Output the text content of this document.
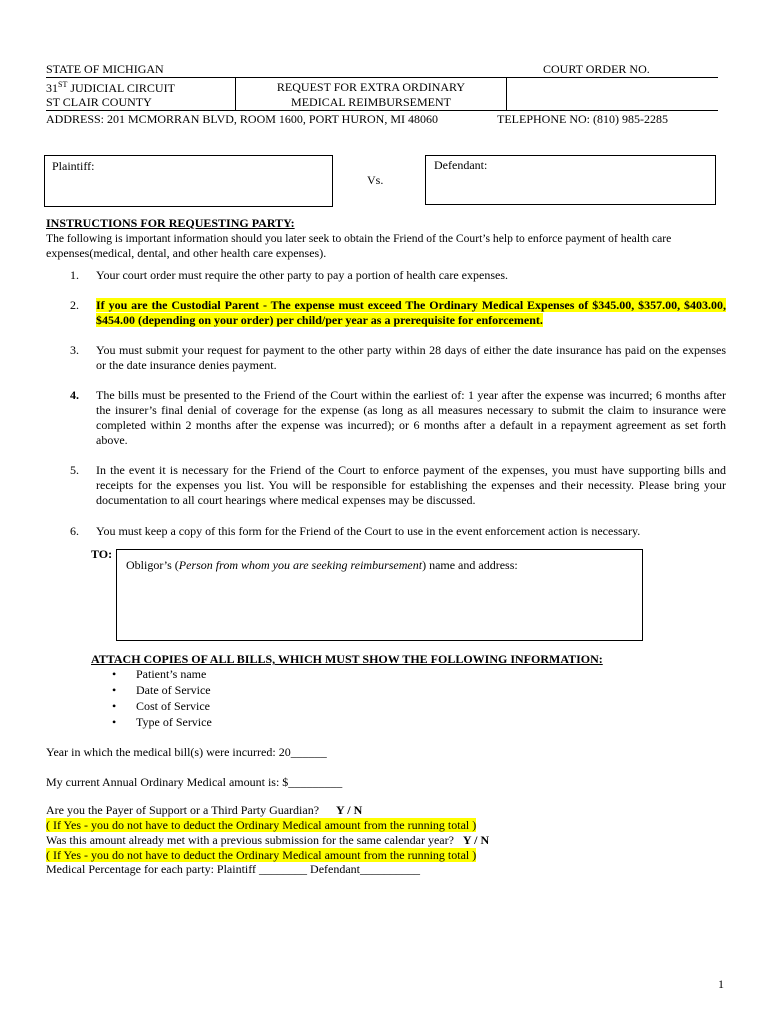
STATE OF MICHIGAN	COURT ORDER NO.
31ST JUDICIAL CIRCUIT
ST CLAIR COUNTY
REQUEST FOR EXTRA ORDINARY
MEDICAL REIMBURSEMENT
ADDRESS: 201 MCMORRAN BLVD, ROOM 1600, PORT HURON, MI 48060	TELEPHONE NO: (810) 985-2285
Plaintiff:
Vs.
Defendant:
INSTRUCTIONS FOR REQUESTING PARTY:
The following is important information should you later seek to obtain the Friend of the Court’s help to enforce payment of health care
expenses(medical, dental, and other health care expenses).
1. Your court order must require the other party to pay a portion of health care expenses.
2. If you are the Custodial Parent - The expense must exceed The Ordinary Medical Expenses of $345.00, $357.00, $403.00, $454.00 (depending on your order) per child/per year as a prerequisite for enforcement.
3. You must submit your request for payment to the other party within 28 days of either the date insurance has paid on the expenses or the date insurance denies payment.
4. The bills must be presented to the Friend of the Court within the earliest of: 1 year after the expense was incurred; 6 months after the insurer’s final denial of coverage for the expense (as long as all measures necessary to submit the claim to insurance were completed within 2 months after the expense was incurred); or 6 months after a default in a repayment agreement as set forth above.
5. In the event it is necessary for the Friend of the Court to enforce payment of the expenses, you must have supporting bills and receipts for the expenses you list. You will be responsible for establishing the expenses and their necessity. Please bring your documentation to all court hearings where medical expenses may be discussed.
6. You must keep a copy of this form for the Friend of the Court to use in the event enforcement action is necessary.
TO:
Obligor’s (Person from whom you are seeking reimbursement) name and address:
ATTACH COPIES OF ALL BILLS, WHICH MUST SHOW THE FOLLOWING INFORMATION:
• Patient’s name
• Date of Service
• Cost of Service
• Type of Service
Year in which the medical bill(s) were incurred: 20______
My current Annual Ordinary Medical amount is: $_________
Are you the Payer of Support or a Third Party Guardian? Y / N
( If Yes - you do not have to deduct the Ordinary Medical amount from the running total )
Was this amount already met with a previous submission for the same calendar year? Y / N
( If Yes - you do not have to deduct the Ordinary Medical amount from the running total )
Medical Percentage for each party: Plaintiff ________ Defendant__________
1
